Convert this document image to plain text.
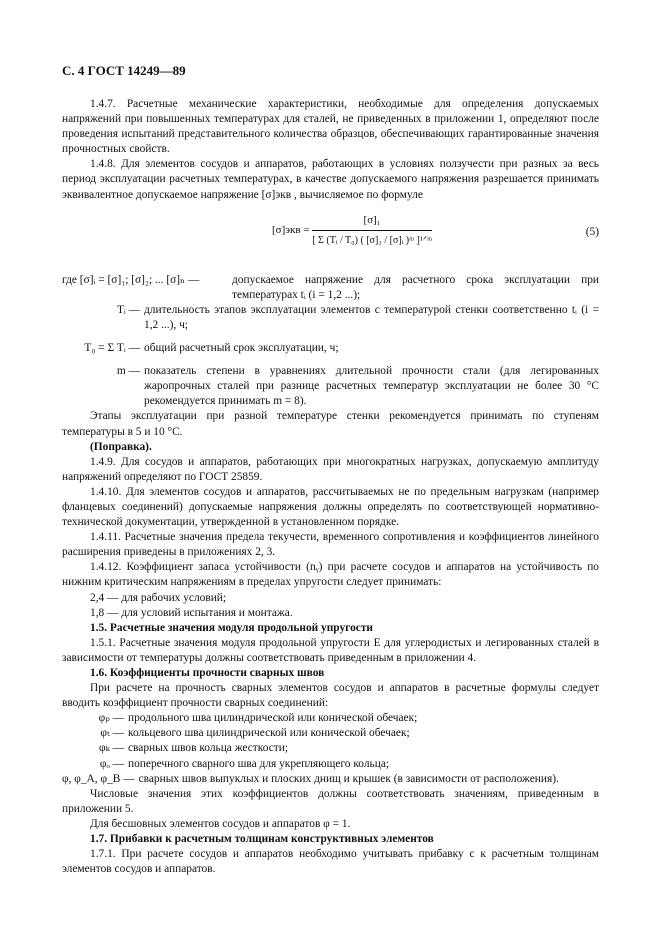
С. 4 ГОСТ 14249—89

1.4.7. Расчетные механические характеристики, необходимые для определения допускаемых напряжений при повышенных температурах для сталей, не приведенных в приложении 1, определяют после проведения испытаний представительного количества образцов, обеспечивающих гарантированные значения прочностных свойств.

1.4.8. Для элементов сосудов и аппаратов, работающих в условиях ползучести при разных за весь период эксплуатации расчетных температурах, в качестве допускаемого напряжения разрешается принимать эквивалентное допускаемое напряжение [σ]экв , вычисляемое по формуле

$[\sigma]экв = \frac{\text{[σ]₁}}{\text{[ Σ (Tᵢ / T₀) ( [σ]₁ / [σ]ᵢ )ᵐ ]¹ᐟᵐ}}$	(5)
где [σ]ᵢ = [σ]₁; [σ]₂; ... [σ]ₙ —	допускаемое напряжение для расчетного срока эксплуатации при температурах tᵢ (i = 1,2 ...);
Tᵢ — длительность этапов эксплуатации элементов с температурой стенки соответственно tᵢ (i = 1,2 ...), ч;
T₀ = Σ Tᵢ — общий расчетный срок эксплуатации, ч;
m — показатель степени в уравнениях длительной прочности стали (для легированных жаропрочных сталей при разнице расчетных температур эксплуатации не более 30 °С рекомендуется принимать m = 8).

Этапы эксплуатации при разной температуре стенки рекомендуется принимать по ступеням температуры в 5 и 10 °С.

(Поправка).

1.4.9. Для сосудов и аппаратов, работающих при многократных нагрузках, допускаемую амплитуду напряжений определяют по ГОСТ 25859.

1.4.10. Для элементов сосудов и аппаратов, рассчитываемых не по предельным нагрузкам (например фланцевых соединений) допускаемые напряжения должны определять по соответствующей нормативно-технической документации, утвержденной в установленном порядке.

1.4.11. Расчетные значения предела текучести, временного сопротивления и коэффициентов линейного расширения приведены в приложениях 2, 3.

1.4.12. Коэффициент запаса устойчивости (nᵧ) при расчете сосудов и аппаратов на устойчивость по нижним критическим напряжениям в пределах упругости следует принимать:

2,4 — для рабочих условий;

1,8 — для условий испытания и монтажа.

1.5. Расчетные значения модуля продольной упругости

1.5.1. Расчетные значения модуля продольной упругости E для углеродистых и легированных сталей в зависимости от температуры должны соответствовать приведенным в приложении 4.

1.6. Коэффициенты прочности сварных швов

При расчете на прочность сварных элементов сосудов и аппаратов в расчетные формулы следует вводить коэффициент прочности сварных соединений:

φₚ — продольного шва цилиндрической или конической обечаек;
φₜ — кольцевого шва цилиндрической или конической обечаек;
φₖ — сварных швов кольца жесткости;
φₒ — поперечного сварного шва для укрепляющего кольца;
φ, φ_A, φ_B — сварных швов выпуклых и плоских днищ и крышек (в зависимости от расположения).

Числовые значения этих коэффициентов должны соответствовать значениям, приведенным в приложении 5.

Для бесшовных элементов сосудов и аппаратов φ = 1.

1.7. Прибавки к расчетным толщинам конструктивных элементов

1.7.1. При расчете сосудов и аппаратов необходимо учитывать прибавку c к расчетным толщинам элементов сосудов и аппаратов.
